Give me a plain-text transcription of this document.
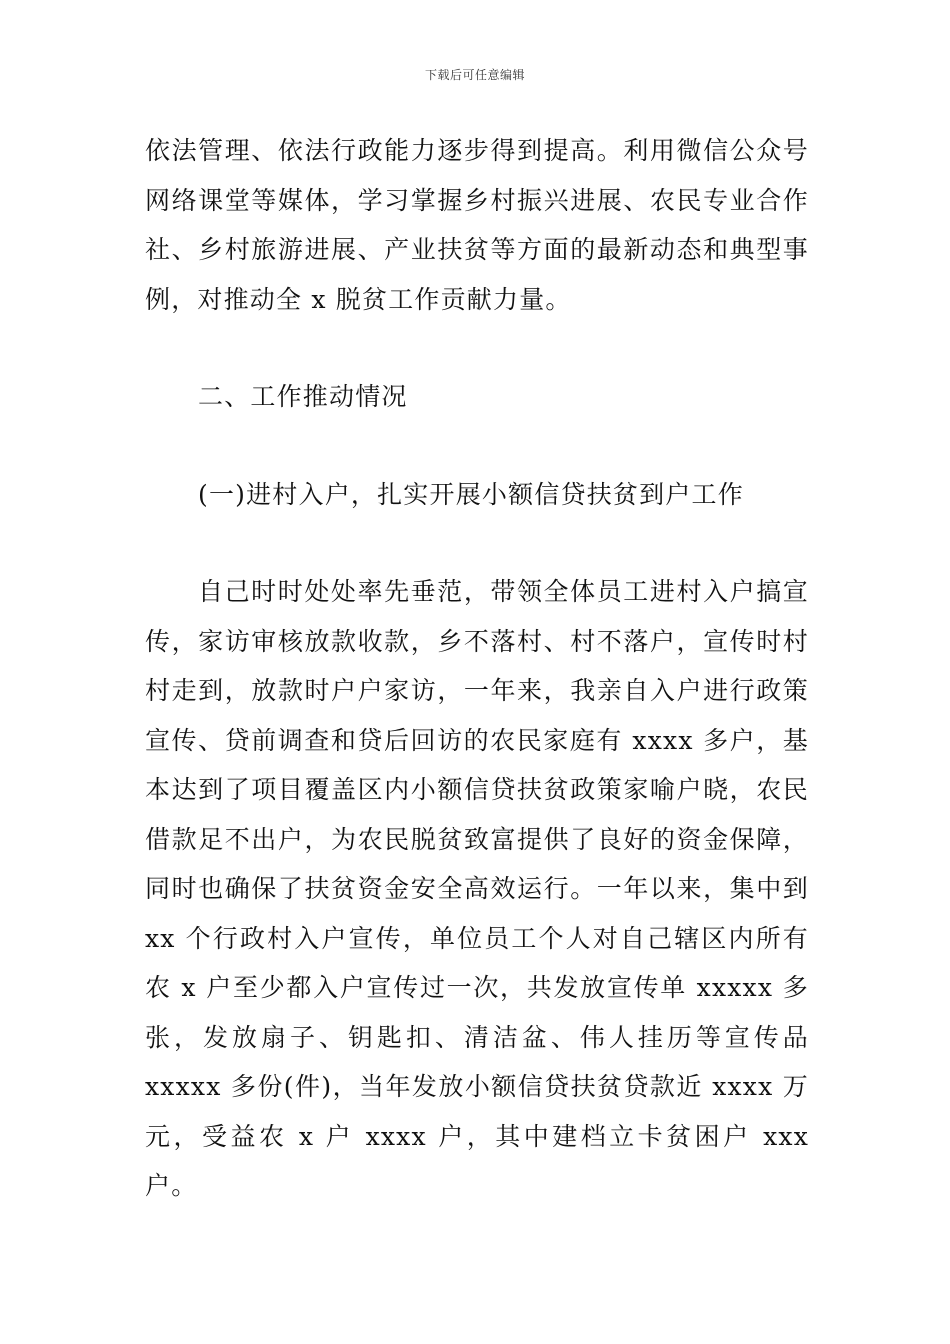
下载后可任意编辑

依法管理、依法行政能力逐步得到提高。利用微信公众号网络课堂等媒体，学习掌握乡村振兴进展、农民专业合作社、乡村旅游进展、产业扶贫等方面的最新动态和典型事例，对推动全 x 脱贫工作贡献力量。

二、工作推动情况

(一)进村入户，扎实开展小额信贷扶贫到户工作

自己时时处处率先垂范，带领全体员工进村入户搞宣传，家访审核放款收款，乡不落村、村不落户，宣传时村村走到，放款时户户家访，一年来，我亲自入户进行政策宣传、贷前调查和贷后回访的农民家庭有 xxxx 多户，基本达到了项目覆盖区内小额信贷扶贫政策家喻户晓，农民借款足不出户，为农民脱贫致富提供了良好的资金保障，同时也确保了扶贫资金安全高效运行。一年以来，集中到 xx 个行政村入户宣传，单位员工个人对自己辖区内所有农 x 户至少都入户宣传过一次，共发放宣传单 xxxxx 多张，发放扇子、钥匙扣、清洁盆、伟人挂历等宣传品 xxxxx 多份(件)，当年发放小额信贷扶贫贷款近 xxxx 万元，受益农 x 户 xxxx 户，其中建档立卡贫困户 xxx 户。
